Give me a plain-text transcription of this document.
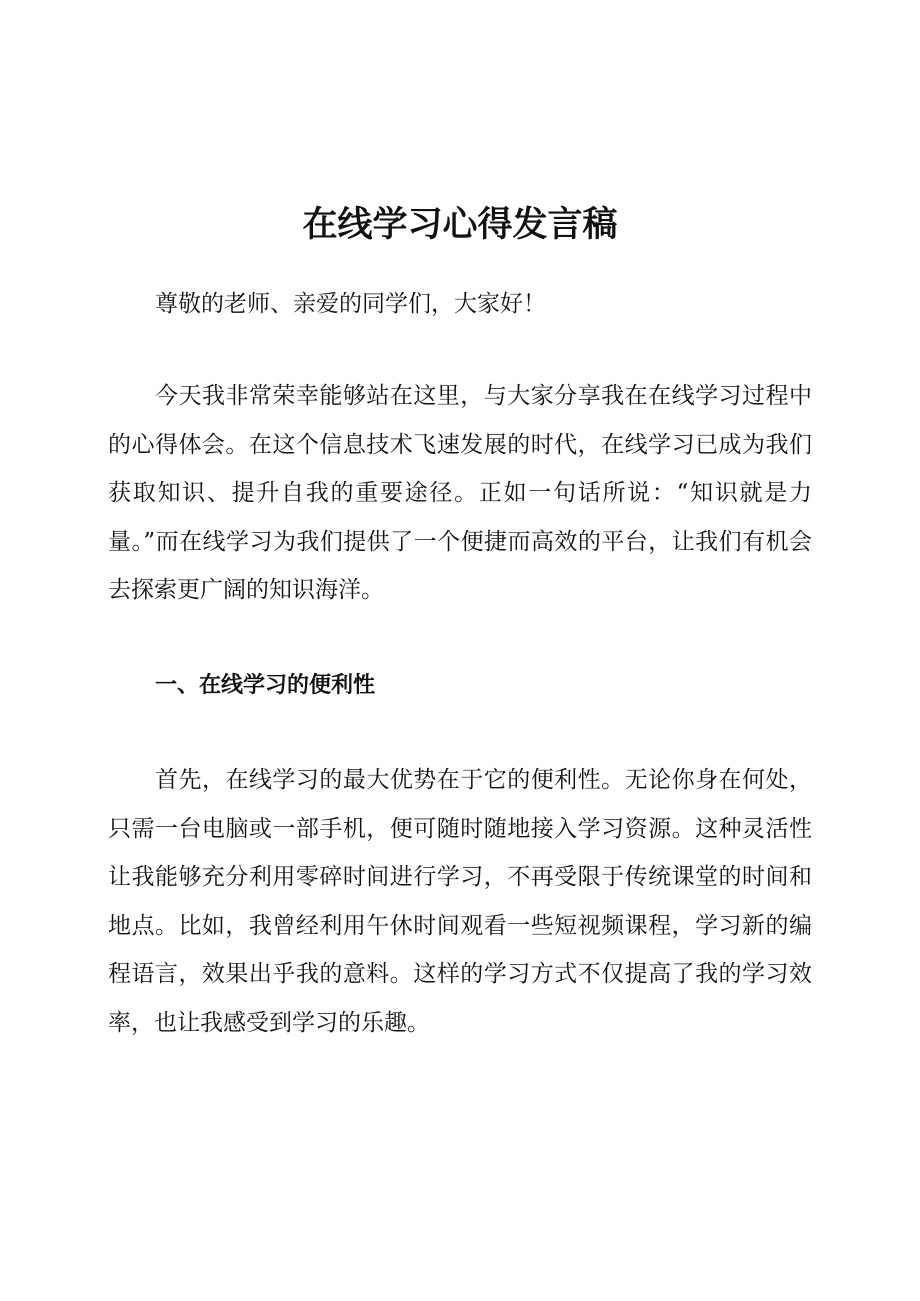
在线学习心得发言稿

尊敬的老师、亲爱的同学们，大家好！

今天我非常荣幸能够站在这里，与大家分享我在在线学习过程中的心得体会。在这个信息技术飞速发展的时代，在线学习已成为我们获取知识、提升自我的重要途径。正如一句话所说：“知识就是力量。”而在线学习为我们提供了一个便捷而高效的平台，让我们有机会去探索更广阔的知识海洋。

一、在线学习的便利性

首先，在线学习的最大优势在于它的便利性。无论你身在何处，只需一台电脑或一部手机，便可随时随地接入学习资源。这种灵活性让我能够充分利用零碎时间进行学习，不再受限于传统课堂的时间和地点。比如，我曾经利用午休时间观看一些短视频课程，学习新的编程语言，效果出乎我的意料。这样的学习方式不仅提高了我的学习效率，也让我感受到学习的乐趣。
